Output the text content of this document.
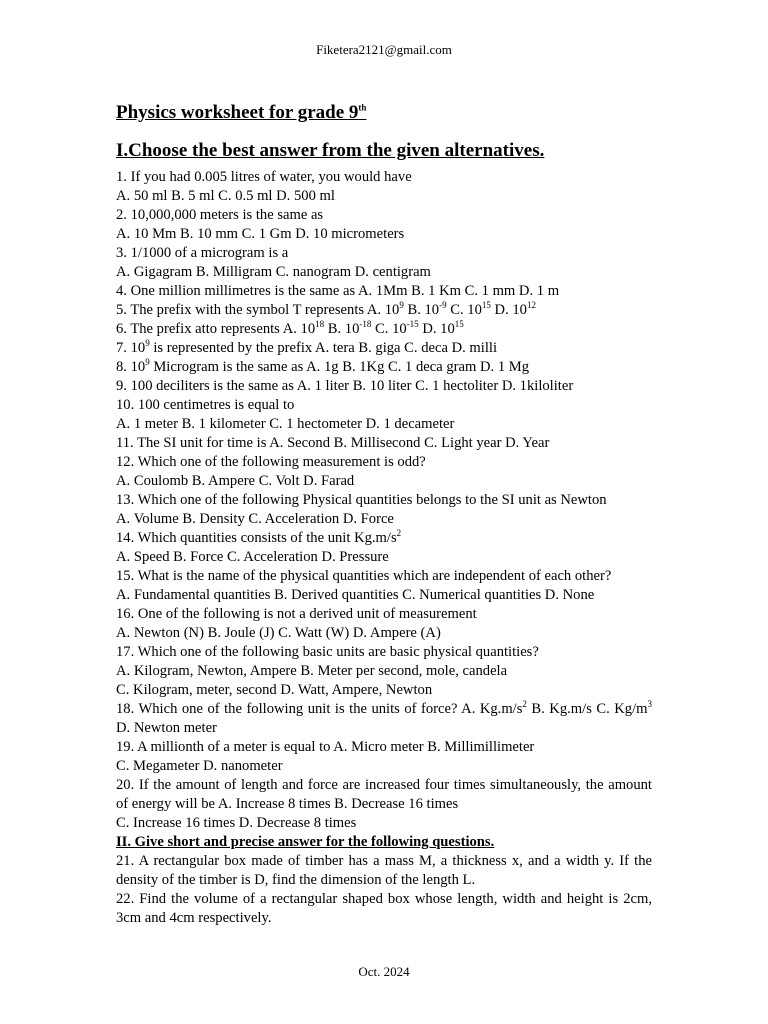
Fiketera2121@gmail.com
Physics worksheet for grade 9th
I.Choose the best answer from the given alternatives.
1. If you had 0.005 litres of water, you would have
A. 50 ml B. 5 ml C. 0.5 ml D. 500 ml
2. 10,000,000 meters is the same as
A. 10 Mm B. 10 mm C. 1 Gm D. 10 micrometers
3. 1/1000 of a microgram is a
A. Gigagram B. Milligram C. nanogram D. centigram
4. One million millimetres is the same as A. 1Mm B. 1 Km C. 1 mm D. 1 m
5. The prefix with the symbol T represents A. $10^9$ B. $10^{-9}$ C. $10^{15}$ D. $10^{12}$
6. The prefix atto represents A. $10^{18}$ B. $10^{-18}$ C. $10^{-15}$ D. $10^{15}$
7. $10^9$ is represented by the prefix A. tera B. giga C. deca D. milli
8. $10^9$ Microgram is the same as A. 1g B. 1Kg C. 1 deca gram D. 1 Mg
9. 100 deciliters is the same as A. 1 liter B. 10 liter C. 1 hectoliter D. 1kiloliter
10. 100 centimetres is equal to
A. 1 meter B. 1 kilometer C. 1 hectometer D. 1 decameter
11. The SI unit for time is A. Second B. Millisecond C. Light year D. Year
12. Which one of the following measurement is odd?
A. Coulomb B. Ampere C. Volt D. Farad
13. Which one of the following Physical quantities belongs to the SI unit as Newton
A. Volume B. Density C. Acceleration D. Force
14. Which quantities consists of the unit $Kg.m/s^2$
A. Speed B. Force C. Acceleration D. Pressure
15. What is the name of the physical quantities which are independent of each other?
A. Fundamental quantities B. Derived quantities C. Numerical quantities D. None
16. One of the following is not a derived unit of measurement
A. Newton (N) B. Joule (J) C. Watt (W) D. Ampere (A)
17. Which one of the following basic units are basic physical quantities?
A. Kilogram, Newton, Ampere B. Meter per second, mole, candela
C. Kilogram, meter, second D. Watt, Ampere, Newton
18. Which one of the following unit is the units of force? A. $Kg.m/s^2$ B. Kg.m/s C. $Kg/m^3$ D. Newton meter
19. A millionth of a meter is equal to A. Micro meter B. Millimillimeter
C. Megameter D. nanometer
20. If the amount of length and force are increased four times simultaneously, the amount of energy will be A. Increase 8 times B. Decrease 16 times
C. Increase 16 times D. Decrease 8 times
II. Give short and precise answer for the following questions.
21. A rectangular box made of timber has a mass M, a thickness x, and a width y. If the density of the timber is D, find the dimension of the length L.
22. Find the volume of a rectangular shaped box whose length, width and height is 2cm, 3cm and 4cm respectively.
Oct. 2024
